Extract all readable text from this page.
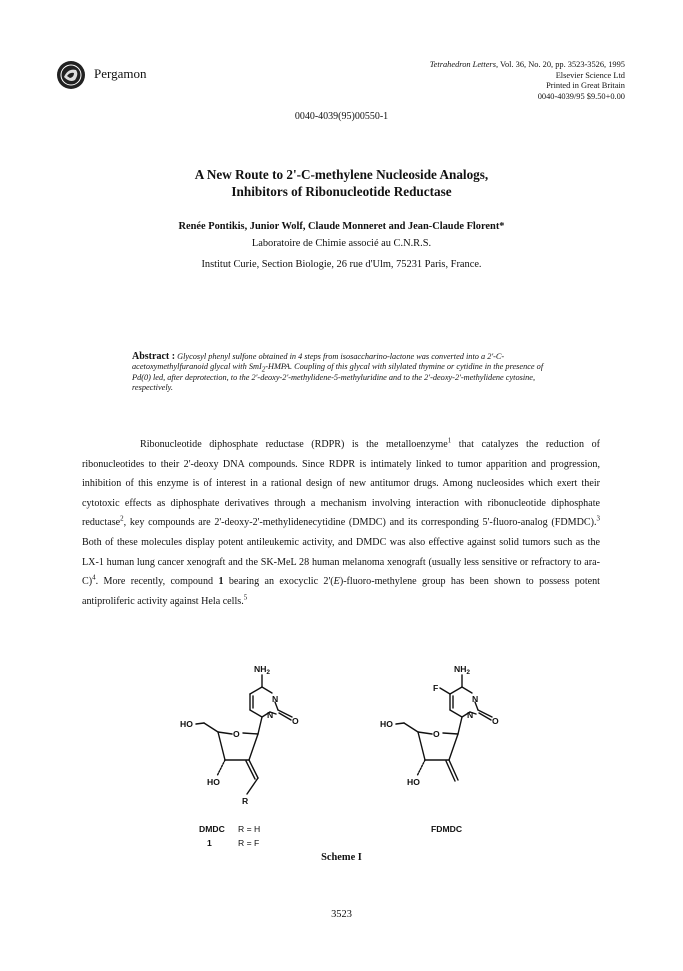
Pergamon
Tetrahedron Letters, Vol. 36, No. 20, pp. 3523-3526, 1995
Elsevier Science Ltd
Printed in Great Britain
0040-4039/95 $9.50+0.00
0040-4039(95)00550-1
A New Route to 2'-C-methylene Nucleoside Analogs,
Inhibitors of Ribonucleotide Reductase
Renée Pontikis, Junior Wolf, Claude Monneret and Jean-Claude Florent*
Laboratoire de Chimie associé au C.N.R.S.
Institut Curie, Section Biologie, 26 rue d'Ulm, 75231 Paris, France.
Abstract : Glycosyl phenyl sulfone obtained in 4 steps from isosaccharino-lactone was converted into a 2'-C-acetoxymethylfuranoid glycal with SmI$_2$-HMPA. Coupling of this glycal with silylated thymine or cytidine in the presence of Pd(0) led, after deprotection, to the 2'-deoxy-2'-methylidene-5-methyluridine and to the 2'-deoxy-2'-methylidene cytosine, respectively.

Ribonucleotide diphosphate reductase (RDPR) is the metalloenzyme$^1$ that catalyzes the reduction of ribonucleotides to their 2'-deoxy DNA compounds. Since RDPR is intimately linked to tumor apparition and progression, inhibition of this enzyme is of interest in a rational design of new antitumor drugs. Among nucleosides which exert their cytotoxic effects as diphosphate derivatives through a mechanism involving interaction with ribonucleotide diphosphate reductase$^2$, key compounds are 2'-deoxy-2'-methylidenecytidine (DMDC) and its corresponding 5'-fluoro-analog (FDMDC).$^3$ Both of these molecules display potent antileukemic activity, and DMDC was also effective against solid tumors such as the LX-1 human lung cancer xenograft and the SK-MeL 28 human melanoma xenograft (usually less sensitive or refractory to ara-C)$^4$. More recently, compound 1 bearing an exocyclic 2'(E)-fluoro-methylene group has been shown to possess potent antiproliferic activity against Hela cells.$^5$

$NH_2$
N
N
O
O
HO
HO
R
$NH_2$
N
N
O
O
F
HO
HO
DMDC R = H
1	R = F
FDMDC
Scheme I
3523
